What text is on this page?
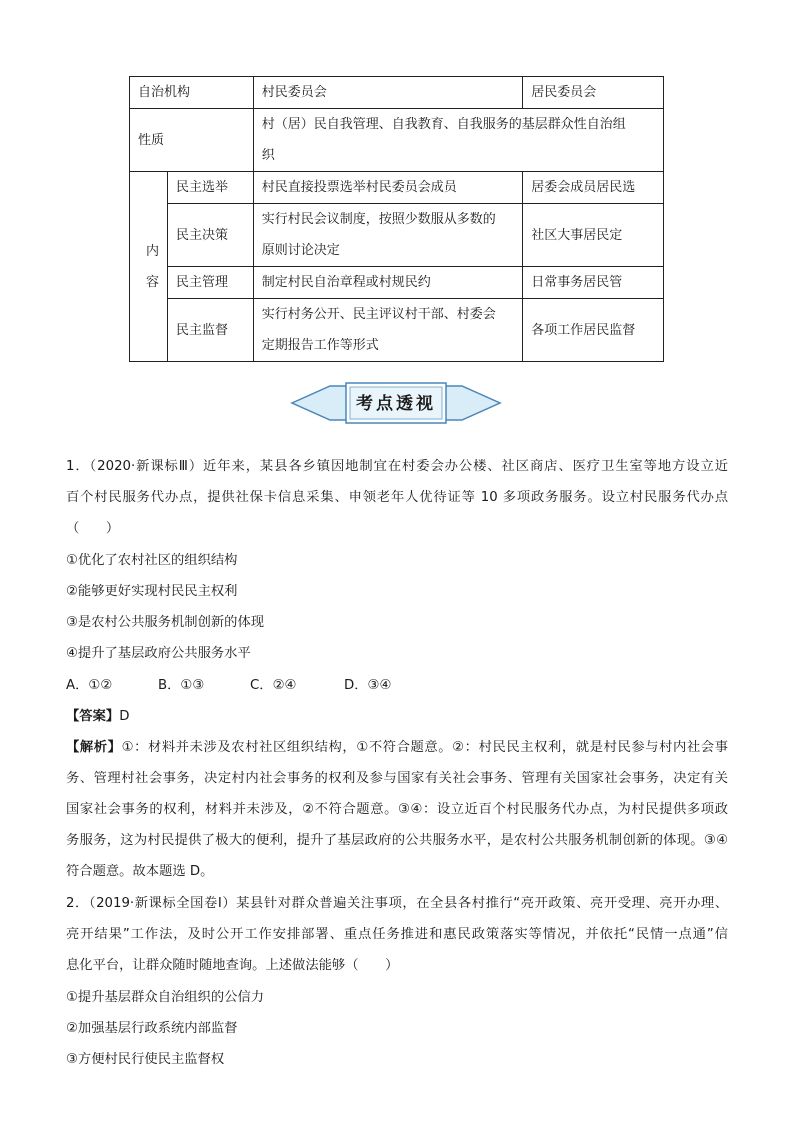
自治机构		村民委员会	居民委员会
性质		村（居）民自我管理、自我教育、自我服务的基层群众性自治组
织	

内
容	民主选举	村民直接投票选举村民委员会成员	居委会成员居民选
	民主决策	实行村民会议制度，按照少数服从多数的
原则讨论决定	社区大事居民定
	民主管理	制定村民自治章程或村规民约	日常事务居民管
	民主监督	实行村务公开、民主评议村干部、村委会
定期报告工作等形式	各项工作居民监督
考点透视
1．（2020·新课标Ⅲ）近年来，某县各乡镇因地制宜在村委会办公楼、社区商店、医疗卫生室等地方设立近
百个村民服务代办点，提供社保卡信息采集、申领老年人优待证等 10 多项政务服务。设立村民服务代办点
（　　）
①优化了农村社区的组织结构
②能够更好实现村民民主权利
③是农村公共服务机制创新的体现
④提升了基层政府公共服务水平
A．①②	B．①③	C．②④	D．③④
【答案】D
【解析】①：材料并未涉及农村社区组织结构，①不符合题意。②：村民民主权利，就是村民参与村内社会事
务、管理村社会事务，决定村内社会事务的权利及参与国家有关社会事务、管理有关国家社会事务，决定有关
国家社会事务的权利，材料并未涉及，②不符合题意。③④：设立近百个村民服务代办点，为村民提供多项政
务服务，这为村民提供了极大的便利，提升了基层政府的公共服务水平，是农村公共服务机制创新的体现。③④
符合题意。故本题选 D。
2．（2019·新课标全国卷Ⅰ）某县针对群众普遍关注事项，在全县各村推行“亮开政策、亮开受理、亮开办理、
亮开结果”工作法，及时公开工作安排部署、重点任务推进和惠民政策落实等情况，并依托“民情一点通”信
息化平台，让群众随时随地查询。上述做法能够（　　）
①提升基层群众自治组织的公信力
②加强基层行政系统内部监督
③方便村民行使民主监督权
